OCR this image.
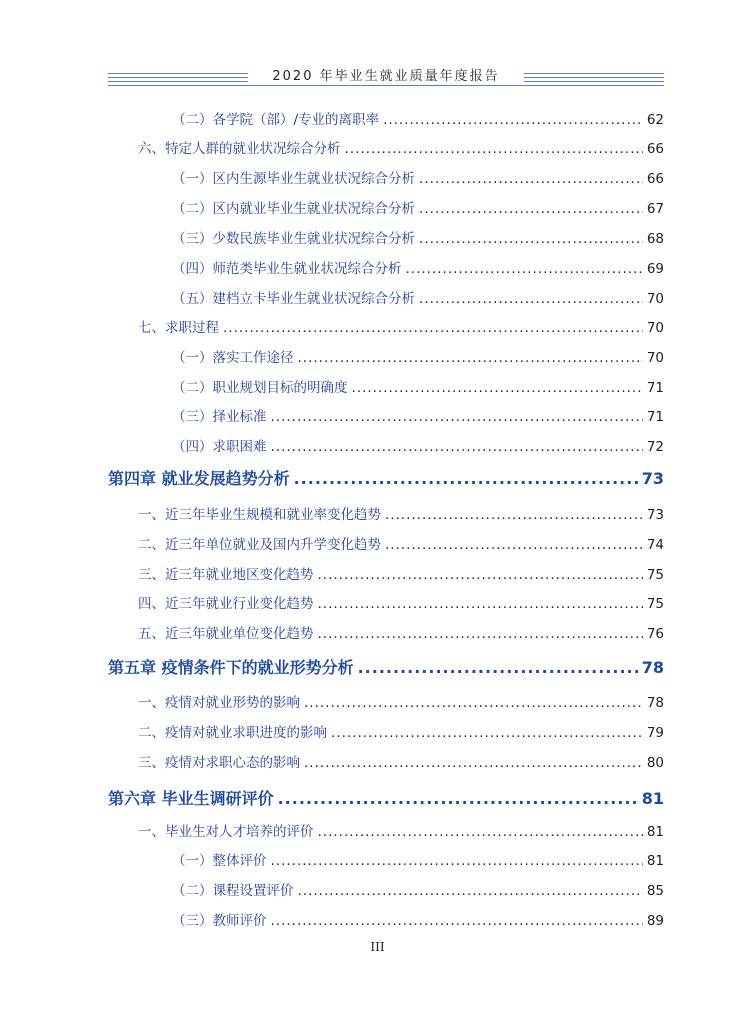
2020 年毕业生就业质量年度报告
（二）各学院（部）/专业的离职率 .....	62
六、特定人群的就业状况综合分析 .....	66
（一）区内生源毕业生就业状况综合分析 .....	66
（二）区内就业毕业生就业状况综合分析 .....	67
（三）少数民族毕业生就业状况综合分析 .....	68
（四）师范类毕业生就业状况综合分析 .....	69
（五）建档立卡毕业生就业状况综合分析 .....	70
七、求职过程 .....	70
（一）落实工作途径 .....	70
（二）职业规划目标的明确度 .....	71
（三）择业标准 .....	71
（四）求职困难 .....	72
第四章 就业发展趋势分析 .....	73
一、近三年毕业生规模和就业率变化趋势 .....	73
二、近三年单位就业及国内升学变化趋势 .....	74
三、近三年就业地区变化趋势 .....	75
四、近三年就业行业变化趋势 .....	75
五、近三年就业单位变化趋势 .....	76
第五章 疫情条件下的就业形势分析 .....	78
一、疫情对就业形势的影响 .....	78
二、疫情对就业求职进度的影响 .....	79
三、疫情对求职心态的影响 .....	80
第六章 毕业生调研评价 .....	81
一、毕业生对人才培养的评价 .....	81
（一）整体评价 .....	81
（二）课程设置评价 .....	85
（三）教师评价 .....	89
III
